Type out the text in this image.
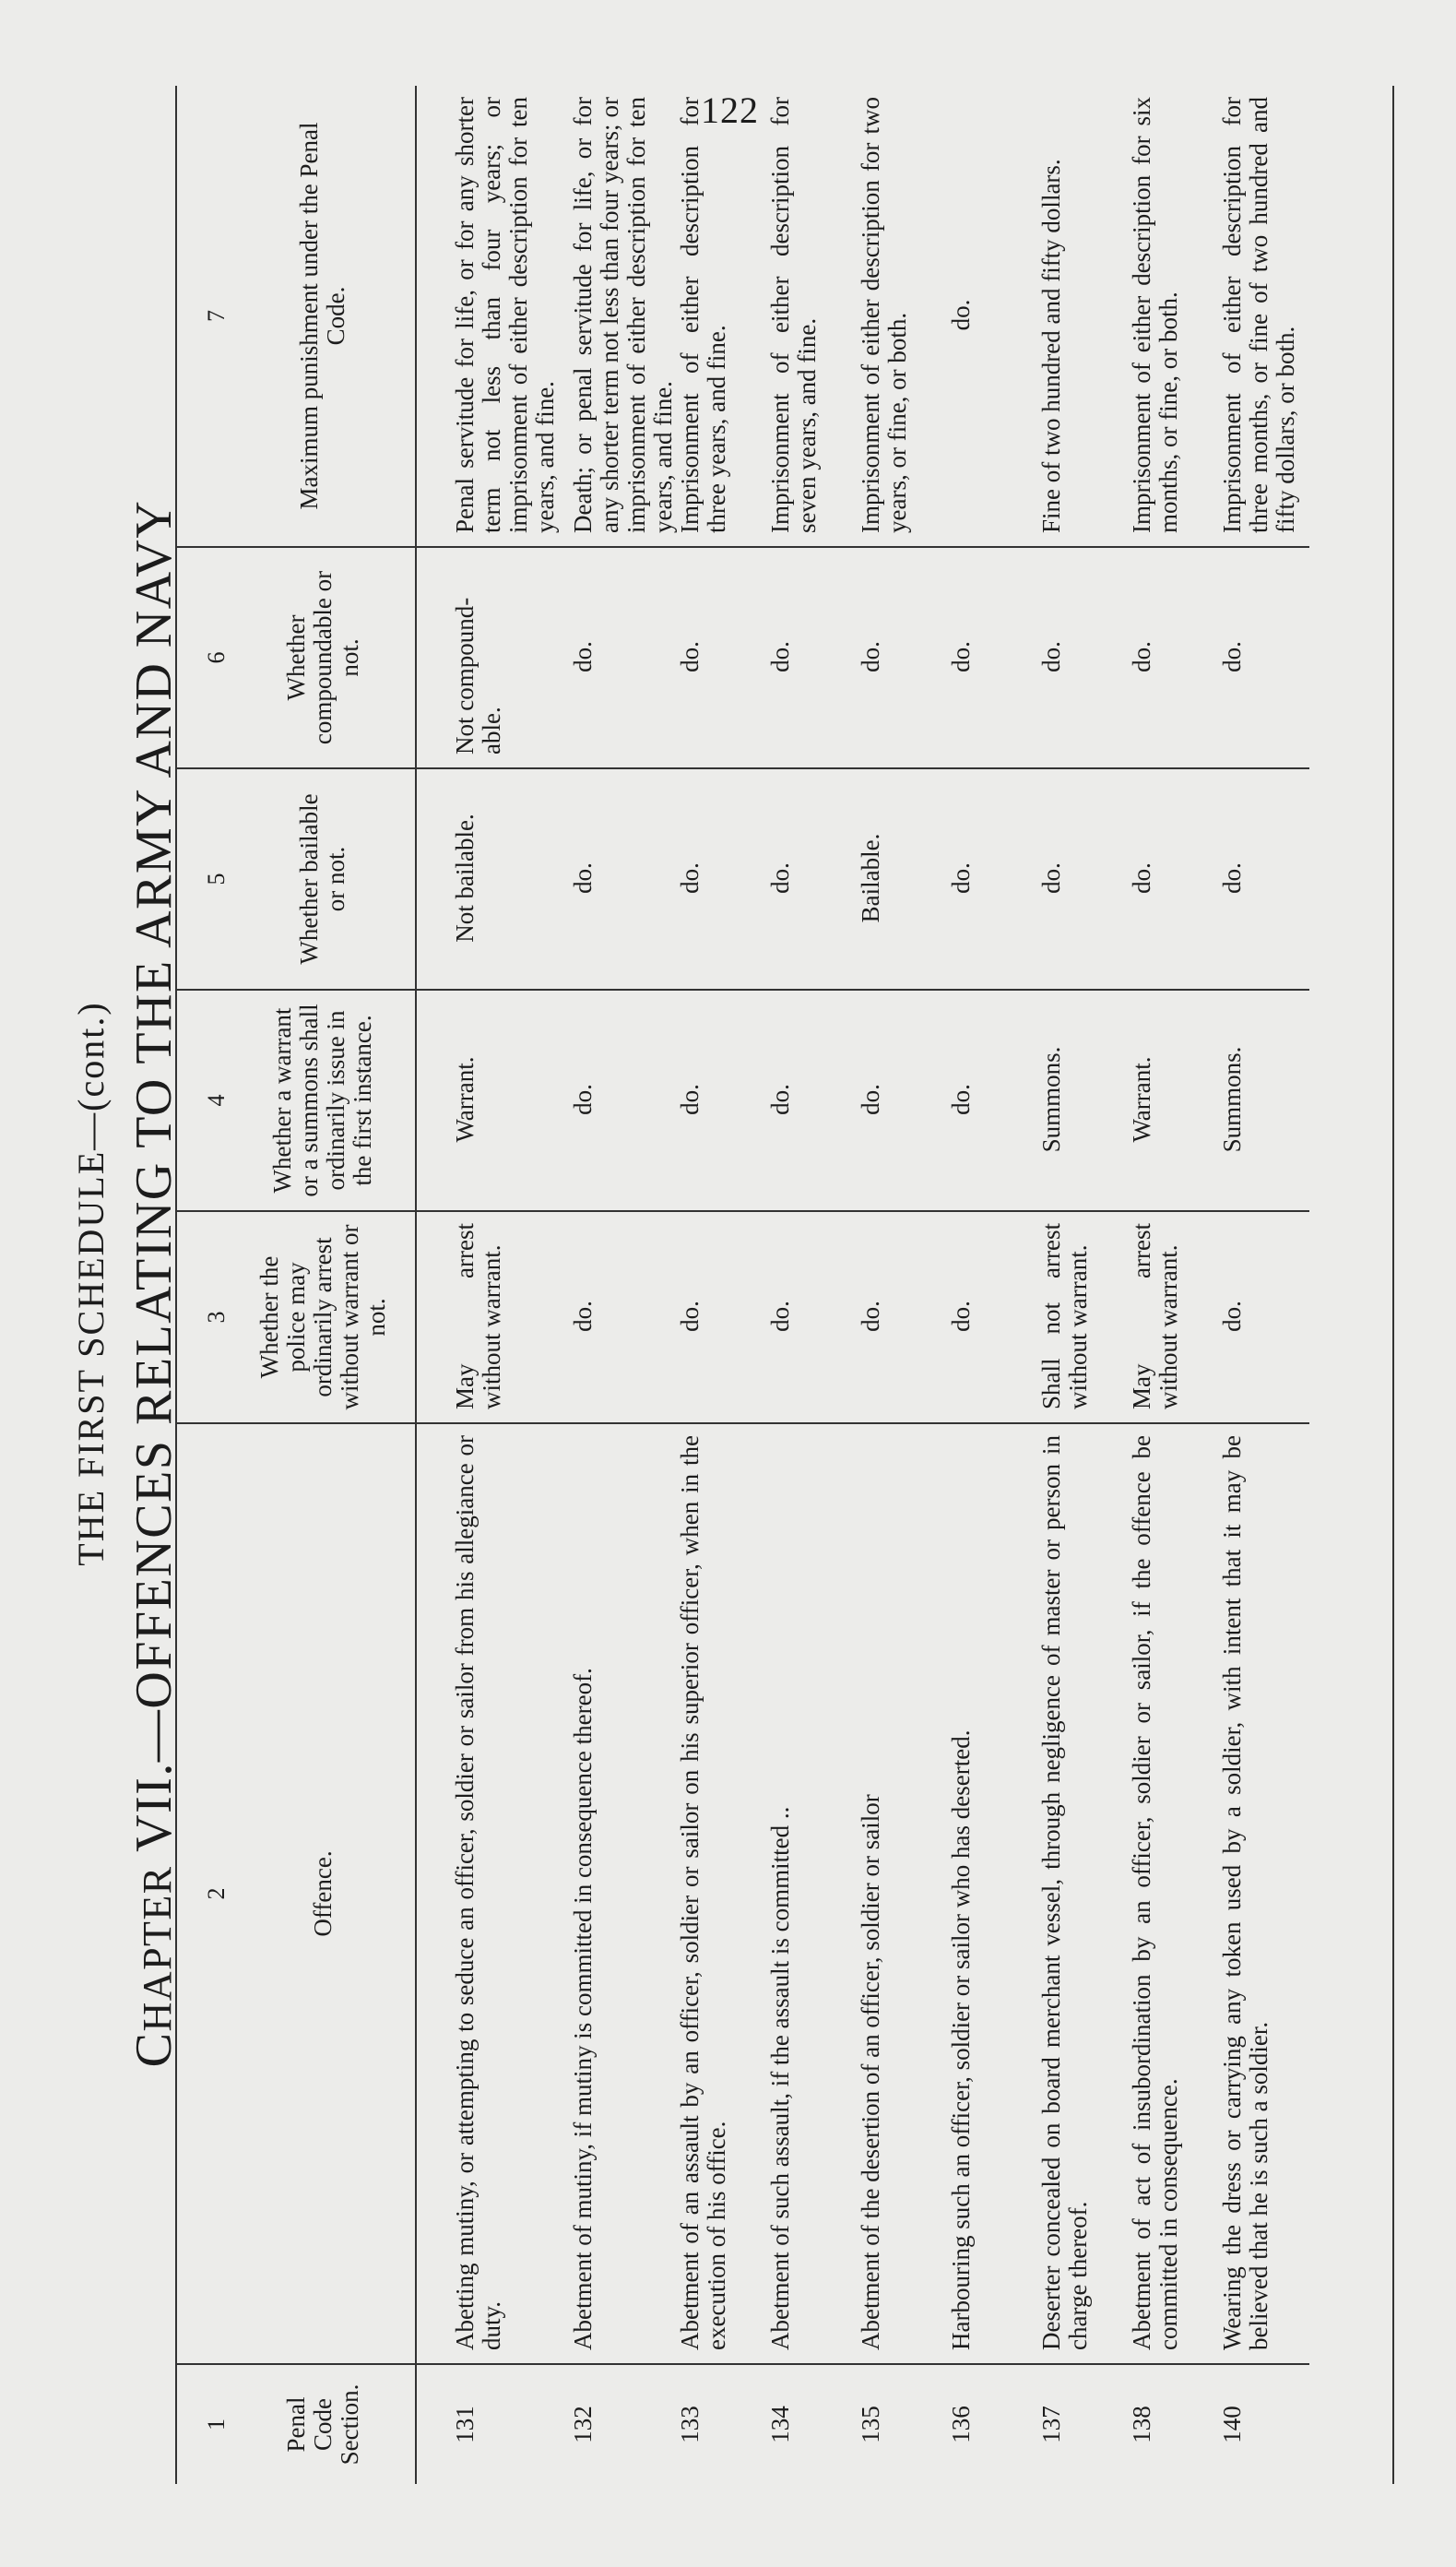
122
THE FIRST SCHEDULE—(cont.)
CHAPTER VII.—OFFENCES RELATING TO THE ARMY AND NAVY
1	2	3	4	5	6	7
Penal Code Section.	Offence.	Whether the police may ordinarily arrest without warrant or not.	Whether a warrant or a summons shall ordinarily issue in the first instance.	Whether bailable or not.	Whether compoundable or not.	Maximum punishment under the Penal Code.
131	Abetting mutiny, or attempting to seduce an officer, soldier or sailor from his allegiance or duty.	May arrest without warrant.	Warrant.	Not bailable.	Not compound-able.	Penal servitude for life, or for any shorter term not less than four years; or imprisonment of either description for ten years, and fine.
132	Abetment of mutiny, if mutiny is committed in consequence thereof.	do.	do.	do.	do.	Death; or penal servitude for life, or for any shorter term not less than four years; or imprisonment of either description for ten years, and fine.
133	Abetment of an assault by an officer, soldier or sailor on his superior officer, when in the execution of his office.	do.	do.	do.	do.	Imprisonment of either description for three years, and fine.
134	Abetment of such assault, if the assault is committed ..	do.	do.	do.	do.	Imprisonment of either description for seven years, and fine.
135	Abetment of the desertion of an officer, soldier or sailor	do.	do.	Bailable.	do.	Imprisonment of either description for two years, or fine, or both.
136	Harbouring such an officer, soldier or sailor who has deserted.	do.	do.	do.	do.	do.
137	Deserter concealed on board merchant vessel, through negligence of master or person in charge thereof.	Shall not arrest without warrant.	Summons.	do.	do.	Fine of two hundred and fifty dollars.
138	Abetment of act of insubordination by an officer, soldier or sailor, if the offence be committed in consequence.	May arrest without warrant.	Warrant.	do.	do.	Imprisonment of either description for six months, or fine, or both.
140	Wearing the dress or carrying any token used by a soldier, with intent that it may be believed that he is such a soldier.	do.	Summons.	do.	do.	Imprisonment of either description for three months, or fine of two hundred and fifty dollars, or both.
